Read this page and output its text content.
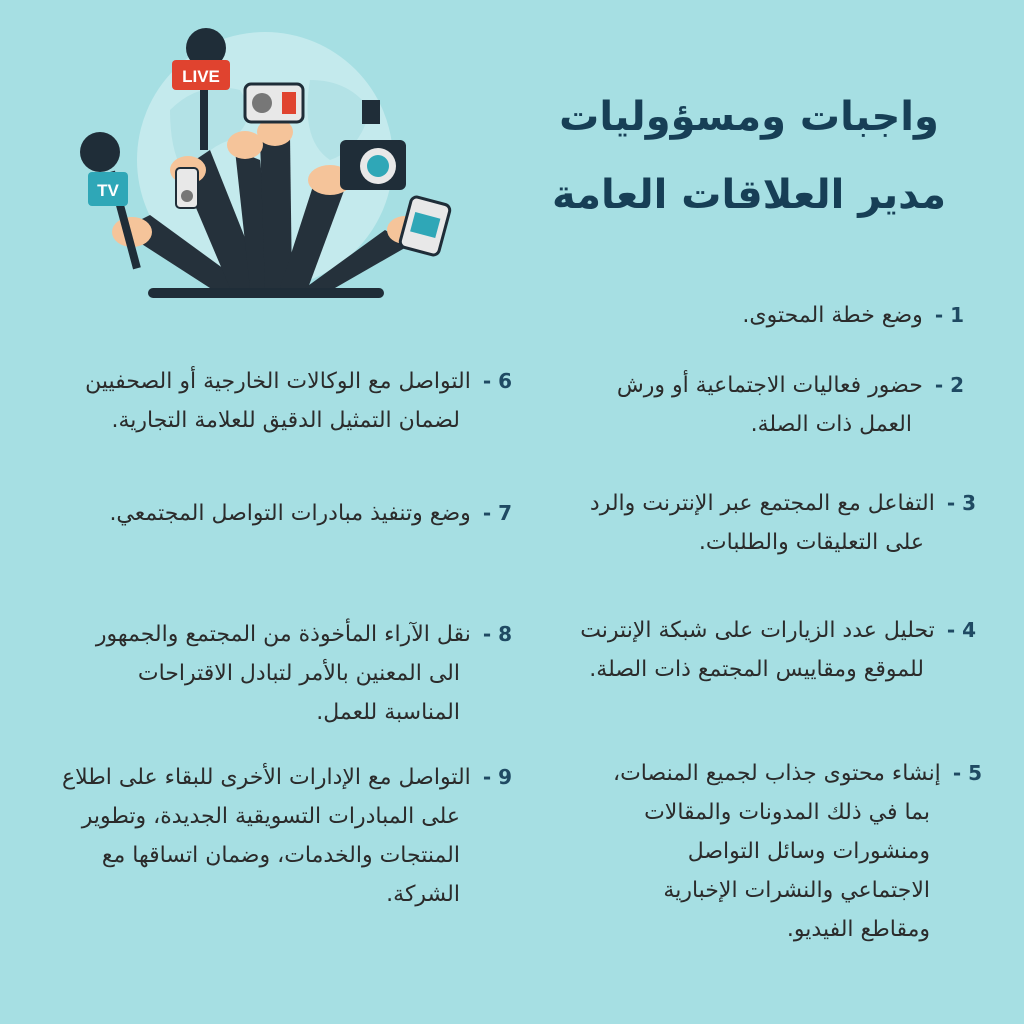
TV
LIVE
واجبات ومسؤوليات
مدير العلاقات العامة
1 -وضع خطة المحتوى.
2 -حضور فعاليات الاجتماعية أو ورش
العمل ذات الصلة.
3 -التفاعل مع المجتمع عبر الإنترنت والرد
على التعليقات والطلبات.
4 -تحليل عدد الزيارات على شبكة الإنترنت
للموقع ومقاييس المجتمع ذات الصلة.
5 -إنشاء محتوى جذاب لجميع المنصات،
بما في ذلك المدونات والمقالات
ومنشورات وسائل التواصل
الاجتماعي والنشرات الإخبارية
ومقاطع الفيديو.
6 -التواصل مع الوكالات الخارجية أو الصحفيين
لضمان التمثيل الدقيق للعلامة التجارية.
7 -وضع وتنفيذ مبادرات التواصل المجتمعي.
8 -نقل الآراء المأخوذة من المجتمع والجمهور
الى المعنين بالأمر لتبادل الاقتراحات
المناسبة للعمل.
9 -التواصل مع الإدارات الأخرى للبقاء على اطلاع
على المبادرات التسويقية الجديدة، وتطوير
المنتجات والخدمات، وضمان اتساقها مع
الشركة.
